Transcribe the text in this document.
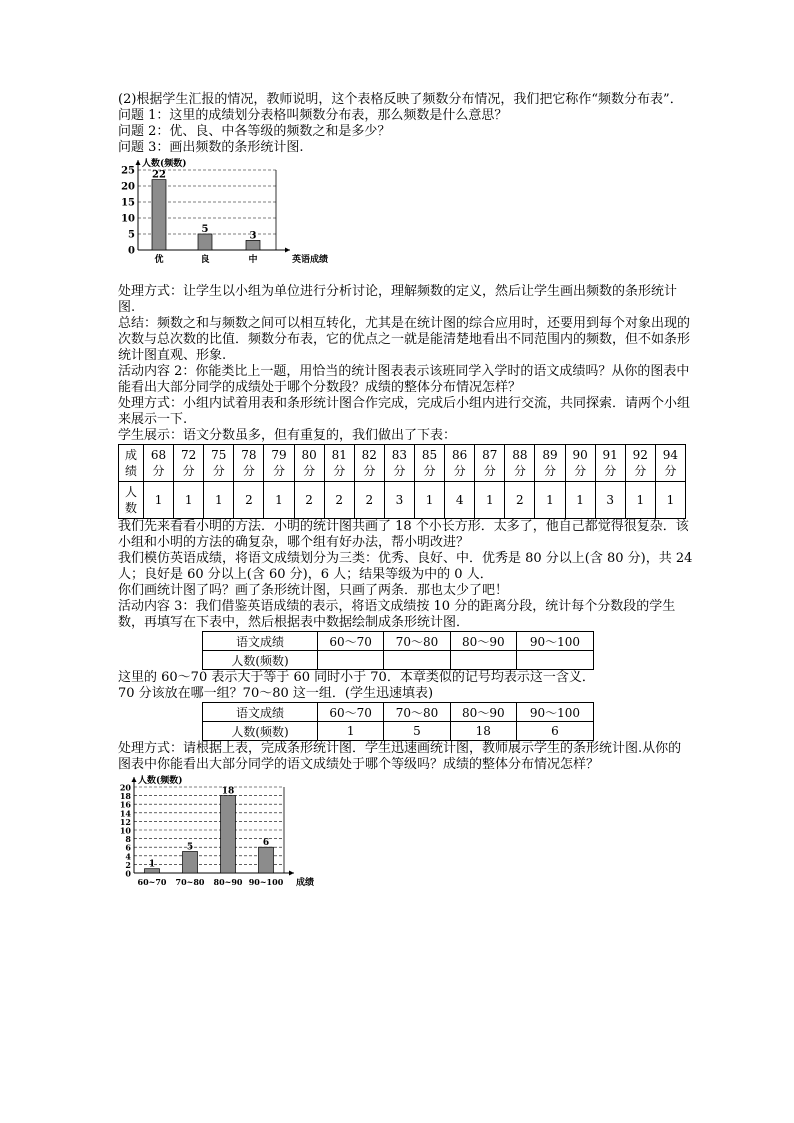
(2)根据学生汇报的情况，教师说明，这个表格反映了频数分布情况，我们把它称作“频数分布表”．

问题 1：这里的成绩划分表格叫频数分布表，那么频数是什么意思？

问题 2：优、良、中各等级的频数之和是多少？

问题 3：画出频数的条形统计图.

0
5
10
15
20
25
人数(频数)
英语成绩
22
优
5
良
3
中

处理方式：让学生以小组为单位进行分析讨论，理解频数的定义，然后让学生画出频数的条形统计图.

总结：频数之和与频数之间可以相互转化，尤其是在统计图的综合应用时，还要用到每个对象出现的次数与总次数的比值．频数分布表，它的优点之一就是能清楚地看出不同范围内的频数，但不如条形统计图直观、形象.

活动内容 2：你能类比上一题，用恰当的统计图表表示该班同学入学时的语文成绩吗？从你的图表中能看出大部分同学的成绩处于哪个分数段？成绩的整体分布情况怎样？

处理方式：小组内试着用表和条形统计图合作完成，完成后小组内进行交流，共同探索．请两个小组来展示一下.

学生展示：语文分数虽多，但有重复的，我们做出了下表：

成
绩	68
分	72
分	75
分	78
分	79
分	80
分	81
分	82
分	83
分	85
分	86
分	87
分	88
分	89
分	90
分	91
分	92
分	94
分
人
数	1	1	1	2	1	2	2	2	3	1	4	1	2	1	1	3	1	1

我们先来看看小明的方法．小明的统计图共画了 18 个小长方形．太多了，他自己都觉得很复杂．该小组和小明的方法的确复杂，哪个组有好办法，帮小明改进？

我们模仿英语成绩，将语文成绩划分为三类：优秀、良好、中．优秀是 80 分以上(含 80 分)，共 24 人；良好是 60 分以上(含 60 分)，6 人；结果等级为中的 0 人．

你们画统计图了吗？画了条形统计图，只画了两条．那也太少了吧！

活动内容 3：我们借鉴英语成绩的表示，将语文成绩按 10 分的距离分段，统计每个分数段的学生数，再填写在下表中，然后根据表中数据绘制成条形统计图．

语文成绩	60～70	70～80	80～90	90～100
人数(频数)				

这里的 60～70 表示大于等于 60 同时小于 70．本章类似的记号均表示这一含义．

70 分该放在哪一组？70～80 这一组．(学生迅速填表)

语文成绩	60～70	70～80	80～90	90～100
人数(频数)	1	5	18	6

处理方式：请根据上表，完成条形统计图．学生迅速画统计图，教师展示学生的条形统计图.从你的图表中你能看出大部分同学的语文成绩处于哪个等级吗？成绩的整体分布情况怎样？

0
2
4
6
8
10
12
14
16
18
20
人数(频数)
成绩
1
60~70
5
70~80
18
80~90
6
90~100
